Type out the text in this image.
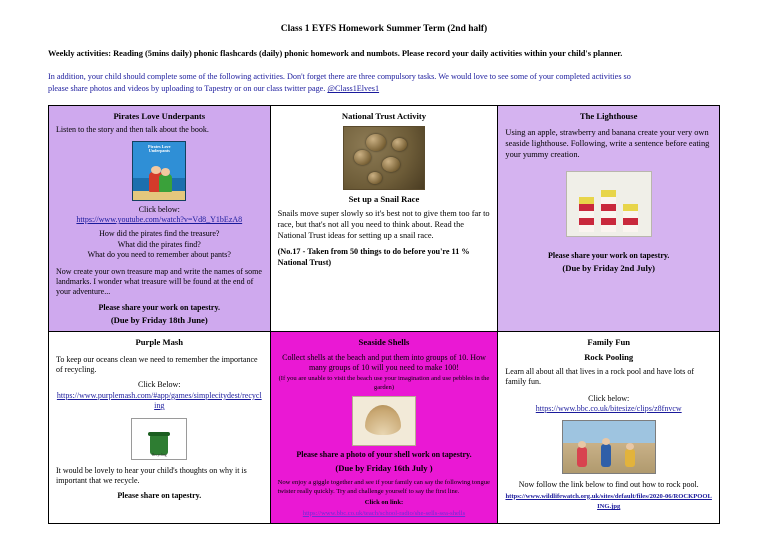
Class 1 EYFS Homework Summer Term (2nd half)
Weekly activities: Reading (5mins daily) phonic flashcards (daily) phonic homework and numbots. Please record your daily activities within your child's planner.
In addition, your child should complete some of the following activities. Don't forget there are three compulsory tasks. We would love to see some of your completed activities so
please share photos and videos by uploading to Tapestry or on our class twitter page. @Class1Elves1
Pirates Love Underpants
Listen to the story and then talk about the book.
Pirates Love
Underpants
Click below:
https://www.youtube.com/watch?v=Vd8_Y1bEzA8
How did the pirates find the treasure?
What did the pirates find?
What do you need to remember about pants?
Now create your own treasure map and write the names of some landmarks. I wonder what treasure will be found at the end of your adventure...
Please share your work on tapestry.
(Due by Friday 18th June)

National Trust Activity
Set up a Snail Race
Snails move super slowly so it's best not to give them too far to race, but that's not all you need to think about. Read the National Trust ideas for setting up a snail race.
(No.17 - Taken from 50 things to do before you're 11 % National Trust)

The Lighthouse
Using an apple, strawberry and banana create your very own seaside lighthouse. Following, write a sentence before eating your yummy creation.
Please share your work on tapestry.
(Due by Friday 2nd July)

Purple Mash
To keep our oceans clean we need to remember the importance of recycling.
Click Below:
https://www.purplemash.com/#app/games/simplecitydest/recycling
Recycling
It would be lovely to hear your child's thoughts on why it is important that we recycle.
Please share on tapestry.

Seaside Shells
Collect shells at the beach and put them into groups of 10. How many groups of 10 will you need to make 100!
(If you are unable to visit the beach use your imagination and use pebbles in the garden)
Please share a photo of your shell work on tapestry.
(Due by Friday 16th July )
Now enjoy a giggle together and see if your family can say the following tongue twister really quickly. Try and challenge yourself to say the first line.
Click on link:
https://www.bbc.co.uk/teach/school-radio/she-sells-sea-shells

Family Fun
Rock Pooling
Learn all about all that lives in a rock pool and have lots of family fun.
Click below:
https://www.bbc.co.uk/bitesize/clips/z8fnvcw
Now follow the link below to find out how to rock pool.
https://www.wildlifewatch.org.uk/sites/default/files/2020-06/ROCKPOOLING.jpg
